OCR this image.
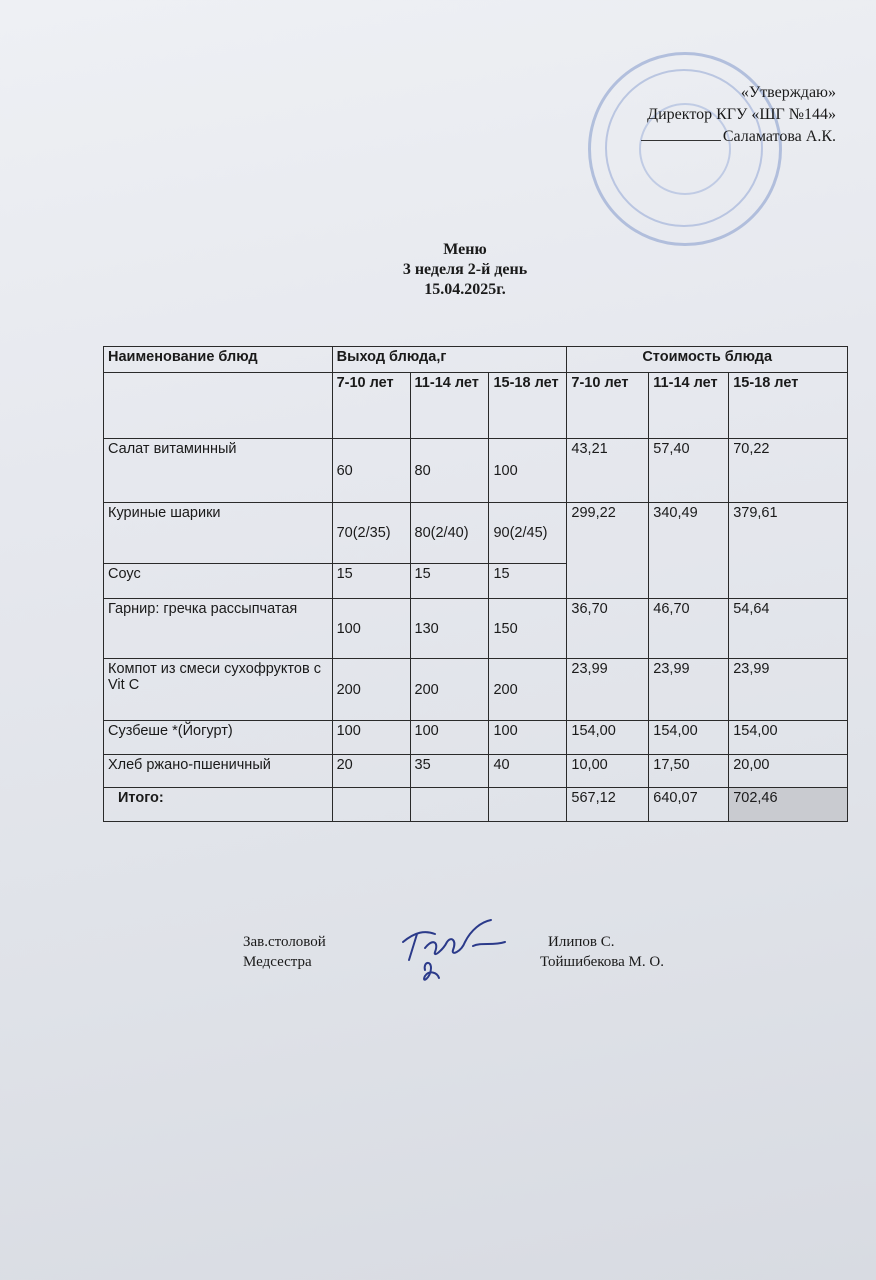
«Утверждаю»
Директор КГУ «ШГ №144»
Саламатова А.К.
Меню
3 неделя 2-й день
15.04.2025г.
Наименование блюд	Выход блюда,г			Стоимость блюда		
	7-10 лет	11-14 лет	15-18 лет	7-10 лет	11-14 лет	15-18 лет
Салат витаминный	60	80	100	43,21	57,40	70,22
Куриные шарики	70(2/35)	80(2/40)	90(2/45)	299,22	340,49	379,61
Соус	15	15	15			
Гарнир: гречка рассыпчатая	100	130	150	36,70	46,70	54,64
Компот из смеси сухофруктов с Vit C	200	200	200	23,99	23,99	23,99
Сузбеше *(Йогурт)	100	100	100	154,00	154,00	154,00
Хлеб ржано-пшеничный	20	35	40	10,00	17,50	20,00
Итого:				567,12	640,07	702,46
Зав.столовой
Медсестра
Илипов С.
Тойшибекова М. О.
